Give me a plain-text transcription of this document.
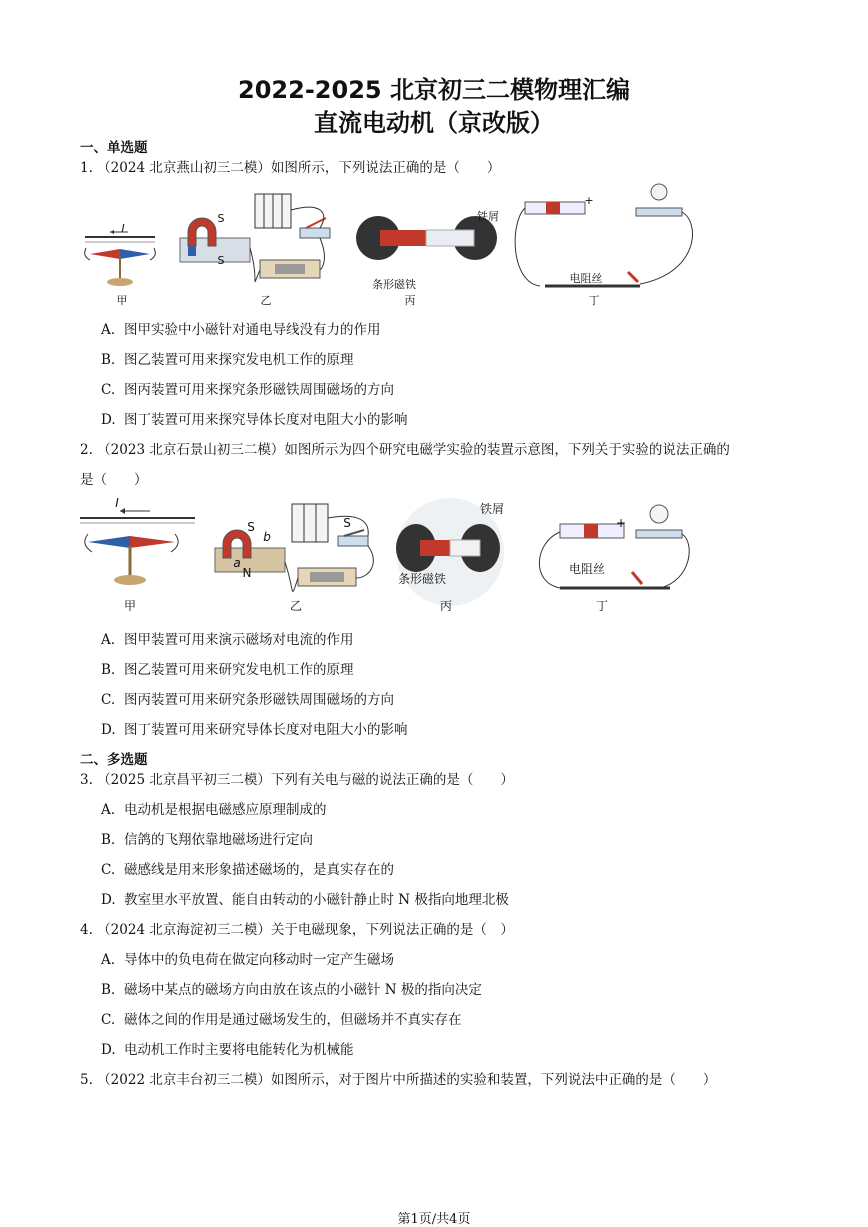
2022-2025 北京初三二模物理汇编
直流电动机（京改版）
一、单选题
1. （2024 北京燕山初三二模）如图所示，下列说法正确的是（　　）
甲	乙	丙	丁
I
S
S
铁屑
条形磁铁	电阻丝
+
A. 图甲实验中小磁针对通电导线没有力的作用
B. 图乙装置可用来探究发电机工作的原理
C. 图丙装置可用来探究条形磁铁周围磁场的方向
D. 图丁装置可用来探究导体长度对电阻大小的影响
2. （2023 北京石景山初三二模）如图所示为四个研究电磁学实验的装置示意图，下列关于实验的说法正确的
是（　　）
甲	乙	丙	丁
I
S	S
b
a
N
铁屑
条形磁铁
电阻丝
+
A. 图甲装置可用来演示磁场对电流的作用
B. 图乙装置可用来研究发电机工作的原理
C. 图丙装置可用来研究条形磁铁周围磁场的方向
D. 图丁装置可用来研究导体长度对电阻大小的影响
二、多选题
3. （2025 北京昌平初三二模）下列有关电与磁的说法正确的是（　　）
A. 电动机是根据电磁感应原理制成的
B. 信鸽的飞翔依靠地磁场进行定向
C. 磁感线是用来形象描述磁场的，是真实存在的
D. 教室里水平放置、能自由转动的小磁针静止时 N 极指向地理北极
4. （2024 北京海淀初三二模）关于电磁现象，下列说法正确的是（　）
A. 导体中的负电荷在做定向移动时一定产生磁场
B. 磁场中某点的磁场方向由放在该点的小磁针 N 极的指向决定
C. 磁体之间的作用是通过磁场发生的，但磁场并不真实存在
D. 电动机工作时主要将电能转化为机械能
5. （2022 北京丰台初三二模）如图所示，对于图片中所描述的实验和装置，下列说法中正确的是（　　）
第1页/共4页
